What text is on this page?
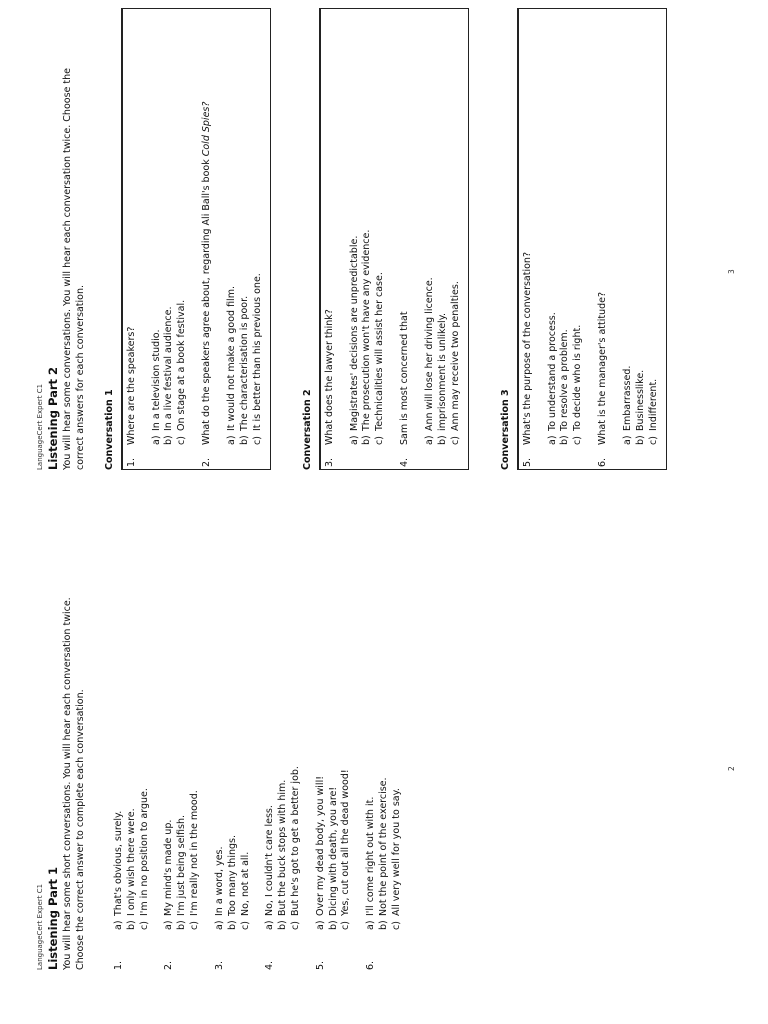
LanguageCert Expert C1 Listening Part 1 You will hear some short conversations. You will hear each conversation twice. Choose the correct answer to complete each conversation.	1.
a)
That's obvious, surely.
b)
I only wish there were.
c)
I'm in no position to argue.
2.
a)
My mind's made up.
b)
I'm just being selfish.
c)
I'm really not in the mood.
3.
a)
In a word, yes.
b)
Too many things.
c)
No, not at all.
4.
a)
No, I couldn't care less.
b)
But the buck stops with him.
c)
But he's got to get a better job.
5.
a)
Over my dead body, you will!
b)
Dicing with death, you are!
c)
Yes, cut out all the dead wood!
6.
a)
I'll come right out with it.
b)
Not the point of the exercise.
c)
All very well for you to say.
2
LanguageCert Expert C1 Listening Part 2 You will hear some conversations. You will hear each conversation twice. Choose the correct answers for each conversation. Conversation 1 1.
Where are the speakers? a)
In a television studio.
b)
In a live festival audience.
c)
On stage at a book festival.
2.
What do the speakers agree about, regarding Ali Ball's book Cold Spies?
a)
It would not make a good film.
b)
The characterisation is poor.
c)
It is better than his previous one.	Conversation 2 3.
What does the lawyer think? a)
Magistrates' decisions are unpredictable.
b)
The prosecution won't have any evidence.
c)
Technicalities will assist her case.
4.
Sam is most concerned that a)
Ann will lose her driving licence.
b)
imprisonment is unlikely.
c)
Ann may receive two penalties.	Conversation 3 5.
What's the purpose of the conversation? a)
To understand a process.
b)
To resolve a problem.
c)
To decide who is right.
6.
What is the manager's attitude? a)
Embarrassed.
b)
Businesslike.
c)
Indifferent.
3
